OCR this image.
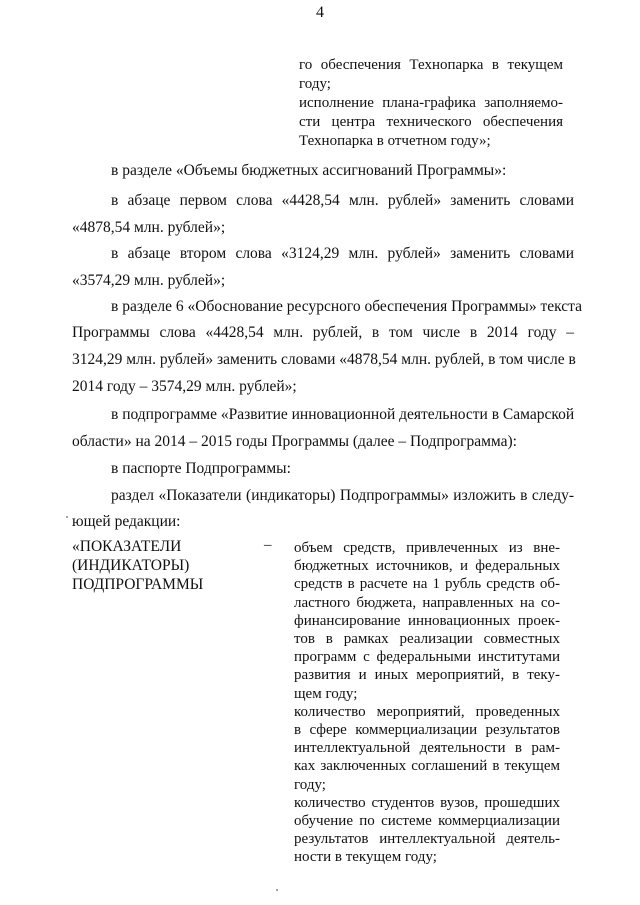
4
го обеспечения Технопарка в текущем
году;
исполнение плана-графика заполняемо-
сти центра технического обеспечения
Технопарка в отчетном году»;
в разделе «Объемы бюджетных ассигнований Программы»:
в абзаце первом слова «4428,54 млн. рублей» заменить словами
«4878,54 млн. рублей»;
в абзаце втором слова «3124,29 млн. рублей» заменить словами
«3574,29 млн. рублей»;
в разделе 6 «Обоснование ресурсного обеспечения Программы» текста
Программы слова «4428,54 млн. рублей, в том числе в 2014 году –
3124,29 млн. рублей» заменить словами «4878,54 млн. рублей, в том числе в
2014 году – 3574,29 млн. рублей»;
в подпрограмме «Развитие инновационной деятельности в Самарской
области» на 2014 – 2015 годы Программы (далее – Подпрограмма):
в паспорте Подпрограммы:
раздел «Показатели (индикаторы) Подпрограммы» изложить в следу-
ющей редакции:
«ПОКАЗАТЕЛИ
(ИНДИКАТОРЫ)
ПОДПРОГРАММЫ
– объем средств, привлеченных из вне-
бюджетных источников, и федеральных
средств в расчете на 1 рубль средств об-
ластного бюджета, направленных на со-
финансирование инновационных проек-
тов в рамках реализации совместных
программ с федеральными институтами
развития и иных мероприятий, в теку-
щем году;
количество мероприятий, проведенных
в сфере коммерциализации результатов
интеллектуальной деятельности в рам-
ках заключенных соглашений в текущем
году;
количество студентов вузов, прошедших
обучение по системе коммерциализации
результатов интеллектуальной деятель-
ности в текущем году;
